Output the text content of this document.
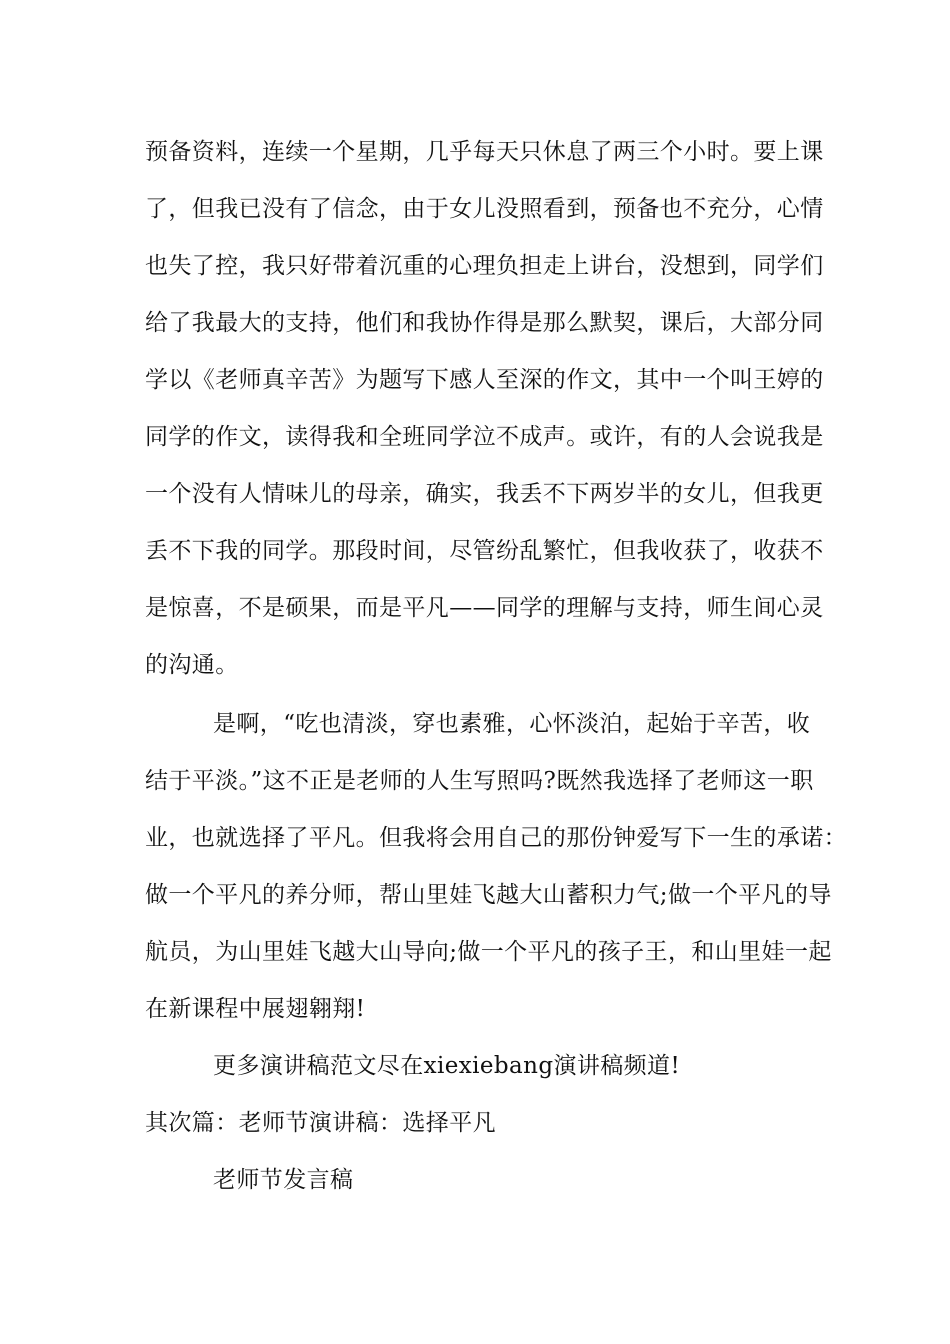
预备资料，连续一个星期，几乎每天只休息了两三个小时。要上课
了，但我已没有了信念，由于女儿没照看到，预备也不充分，心情
也失了控，我只好带着沉重的心理负担走上讲台，没想到，同学们
给了我最大的支持，他们和我协作得是那么默契，课后，大部分同
学以《老师真辛苦》为题写下感人至深的作文，其中一个叫王婷的
同学的作文，读得我和全班同学泣不成声。或许，有的人会说我是
一个没有人情味儿的母亲，确实，我丢不下两岁半的女儿，但我更
丢不下我的同学。那段时间，尽管纷乱繁忙，但我收获了，收获不
是惊喜，不是硕果，而是平凡——同学的理解与支持，师生间心灵
的沟通。
是啊，“吃也清淡，穿也素雅，心怀淡泊，起始于辛苦，收
结于平淡。”这不正是老师的人生写照吗?既然我选择了老师这一职
业，也就选择了平凡。但我将会用自己的那份钟爱写下一生的承诺：
做一个平凡的养分师，帮山里娃飞越大山蓄积力气;做一个平凡的导
航员，为山里娃飞越大山导向;做一个平凡的孩子王，和山里娃一起
在新课程中展翅翱翔!
更多演讲稿范文尽在xiexiebang演讲稿频道!
其次篇：老师节演讲稿：选择平凡
老师节发言稿
